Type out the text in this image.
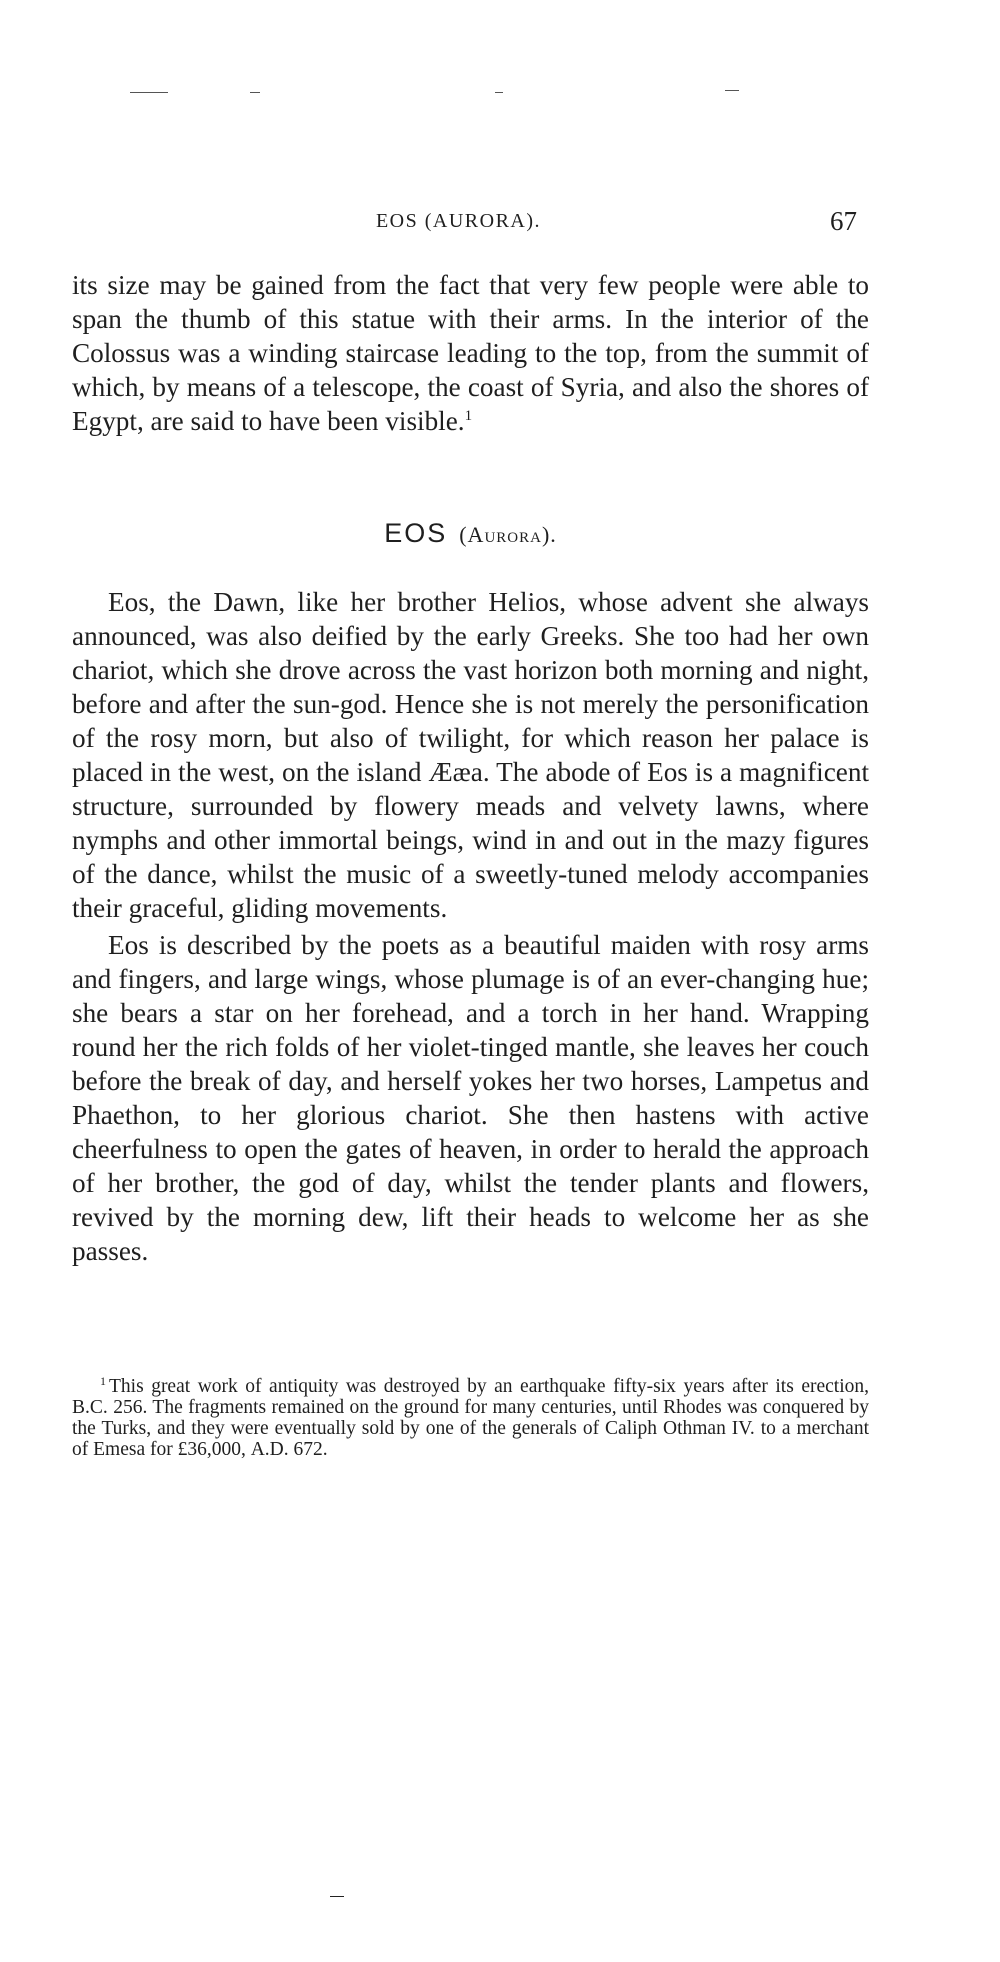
EOS (AURORA).	67

its size may be gained from the fact that very few people were able to span the thumb of this statue with their arms. In the interior of the Colossus was a winding staircase leading to the top, from the summit of which, by means of a telescope, the coast of Syria, and also the shores of Egypt, are said to have been visible.$^1$

EOS (Aurora).

Eos, the Dawn, like her brother Helios, whose advent she always announced, was also deified by the early Greeks. She too had her own chariot, which she drove across the vast horizon both morning and night, before and after the sun-god. Hence she is not merely the personification of the rosy morn, but also of twilight, for which reason her palace is placed in the west, on the island Ææa. The abode of Eos is a magnificent structure, surrounded by flowery meads and velvety lawns, where nymphs and other immortal beings, wind in and out in the mazy figures of the dance, whilst the music of a sweetly-tuned melody accompanies their graceful, gliding movements.

Eos is described by the poets as a beautiful maiden with rosy arms and fingers, and large wings, whose plumage is of an ever-changing hue; she bears a star on her forehead, and a torch in her hand. Wrapping round her the rich folds of her violet-tinged mantle, she leaves her couch before the break of day, and herself yokes her two horses, Lampetus and Phaethon, to her glorious chariot. She then hastens with active cheerfulness to open the gates of heaven, in order to herald the approach of her brother, the god of day, whilst the tender plants and flowers, revived by the morning dew, lift their heads to welcome her as she passes.

$^1$ This great work of antiquity was destroyed by an earthquake fifty-six years after its erection, B.C. 256. The fragments remained on the ground for many centuries, until Rhodes was conquered by the Turks, and they were eventually sold by one of the generals of Caliph Othman IV. to a merchant of Emesa for £36,000, A.D. 672.
